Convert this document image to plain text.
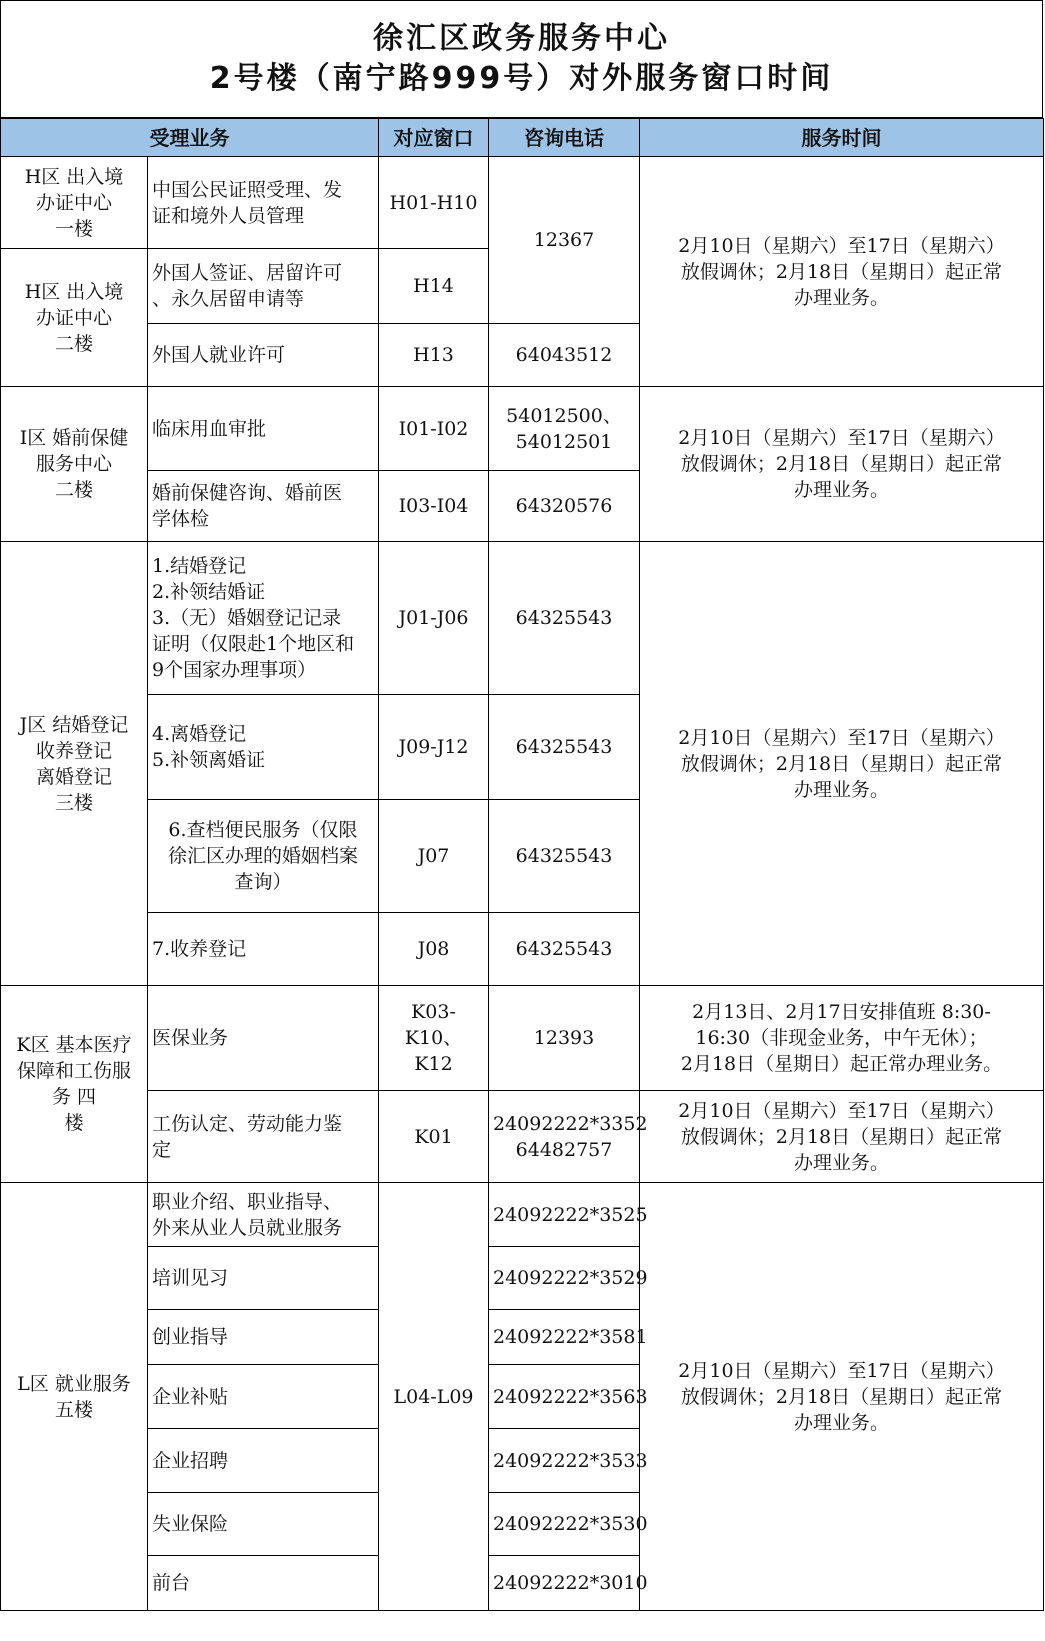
徐汇区政务服务中心
2号楼（南宁路999号）对外服务窗口时间
受理业务		对应窗口	咨询电话	服务时间
H区 出入境
办证中心
一楼	中国公民证照受理、发
证和境外人员管理	H01-H10	12367	2月10日（星期六）至17日（星期六）
放假调休；2月18日（星期日）起正常
办理业务。
H区 出入境
办证中心
二楼	外国人签证、居留许可
、永久居留申请等	H14		
	外国人就业许可	H13	64043512	
I区 婚前保健
服务中心
二楼	临床用血审批	I01-I02	54012500、
54012501	2月10日（星期六）至17日（星期六）
放假调休；2月18日（星期日）起正常
办理业务。
	婚前保健咨询、婚前医
学体检	I03-I04	64320576	
J区 结婚登记
收养登记
离婚登记
三楼	1.结婚登记
2.补领结婚证
3.（无）婚姻登记记录
证明（仅限赴1个地区和
9个国家办理事项）	J01-J06	64325543	2月10日（星期六）至17日（星期六）
放假调休；2月18日（星期日）起正常
办理业务。
	4.离婚登记
5.补领离婚证	J09-J12	64325543	
	6.查档便民服务（仅限
徐汇区办理的婚姻档案
查询）	J07	64325543	
	7.收养登记	J08	64325543	
K区 基本医疗
保障和工伤服
务 四
楼	医保业务	K03-K10、
K12	12393	2月13日、2月17日安排值班 8:30-
16:30（非现金业务，中午无休）；
2月18日（星期日）起正常办理业务。
	工伤认定、劳动能力鉴
定	K01	24092222*3352
64482757	2月10日（星期六）至17日（星期六）
放假调休；2月18日（星期日）起正常
办理业务。
L区 就业服务
五楼	职业介绍、职业指导、
外来从业人员就业服务	L04-L09	24092222*3525	2月10日（星期六）至17日（星期六）
放假调休；2月18日（星期日）起正常
办理业务。
	培训见习		24092222*3529	
	创业指导		24092222*3581	
	企业补贴		24092222*3563	
	企业招聘		24092222*3533	
	失业保险		24092222*3530	
	前台		24092222*3010	
